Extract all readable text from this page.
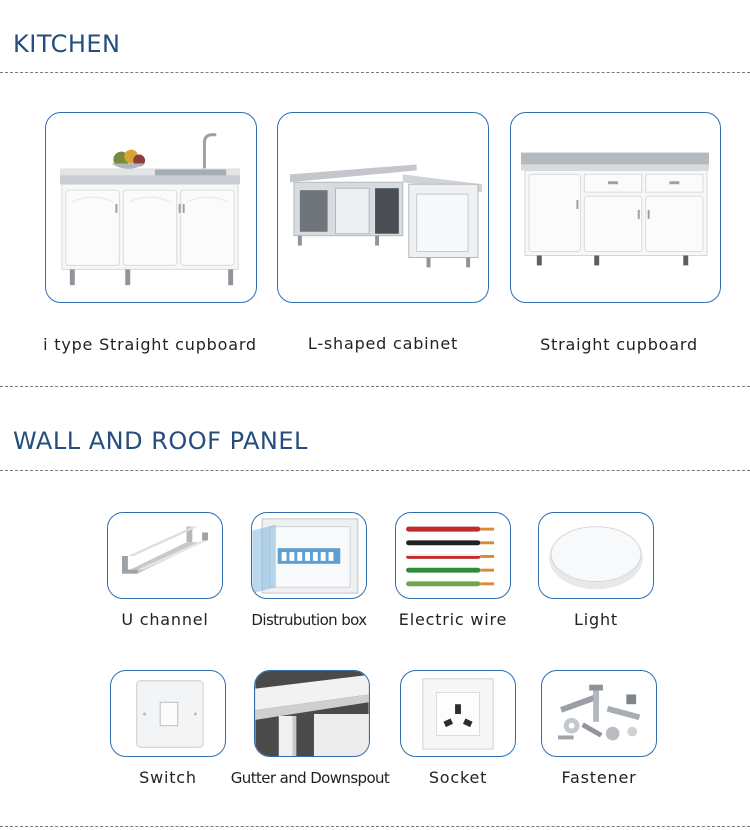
KITCHEN
i type Straight cupboard	L-shaped cabinet	Straight cupboard
WALL AND ROOF PANEL
U channel	Distrubution box	Electric wire	Light
Switch	Gutter and Downspout	Socket	Fastener
